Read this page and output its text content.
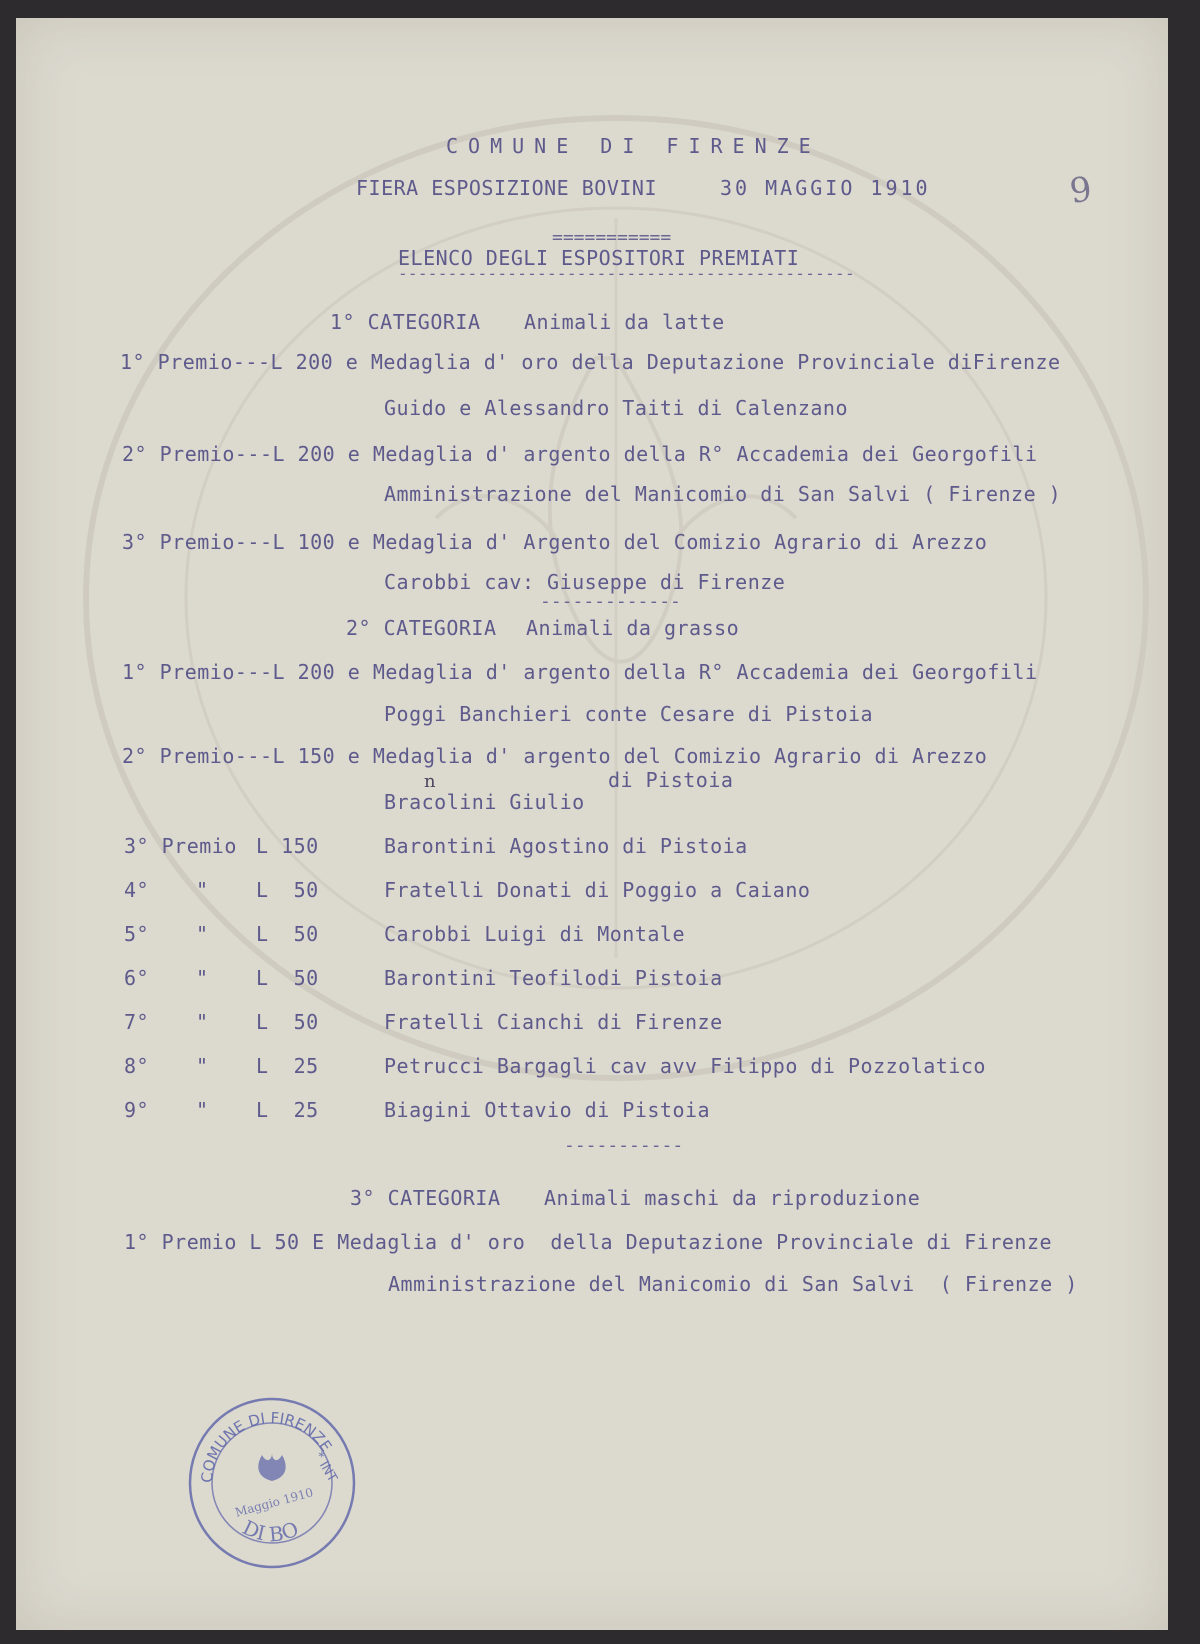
9
COMUNE DI FIRENZE
FIERA ESPOSIZIONE BOVINI	30 MAGGIO 1910
===========
ELENCO DEGLI ESPOSITORI PREMIATI
----------------------------------------------
1° CATEGORIA Animali da latte
1° Premio---L 200 e Medaglia d' oro della Deputazione Provinciale diFirenze
Guido e Alessandro Taiti di Calenzano
2° Premio---L 200 e Medaglia d' argento della R° Accademia dei Georgofili
Amministrazione del Manicomio di San Salvi ( Firenze )
3° Premio---L 100 e Medaglia d' Argento del Comizio Agrario di Arezzo
Carobbi cav: Giuseppe di Firenze
-------------
2° CATEGORIA Animali da grasso
1° Premio---L 200 e Medaglia d' argento della R° Accademia dei Georgofili
Poggi Banchieri conte Cesare di Pistoia
2° Premio---L 150 e Medaglia d' argento del Comizio Agrario di Arezzo
di Pistoia
n
Bracolini Giulio
3° Premio L 150	Barontini Agostino di Pistoia
4° " L  50	Fratelli Donati di Poggio a Caiano
5° " L  50	Carobbi Luigi di Montale
6° " L  50	Barontini Teofilodi Pistoia
7° " L  50	Fratelli Cianchi di Firenze
8° " L  25	Petrucci Bargagli cav avv Filippo di Pozzolatico
9° " L  25	Biagini Ottavio di Pistoia
-----------
3° CATEGORIA Animali maschi da riproduzione
1° Premio L 50 E Medaglia d' oro  della Deputazione Provinciale di Firenze
Amministrazione del Manicomio di San Salvi  ( Firenze )
COMUNE DI FIRENZE
DI BO
* INT
Maggio 1910
